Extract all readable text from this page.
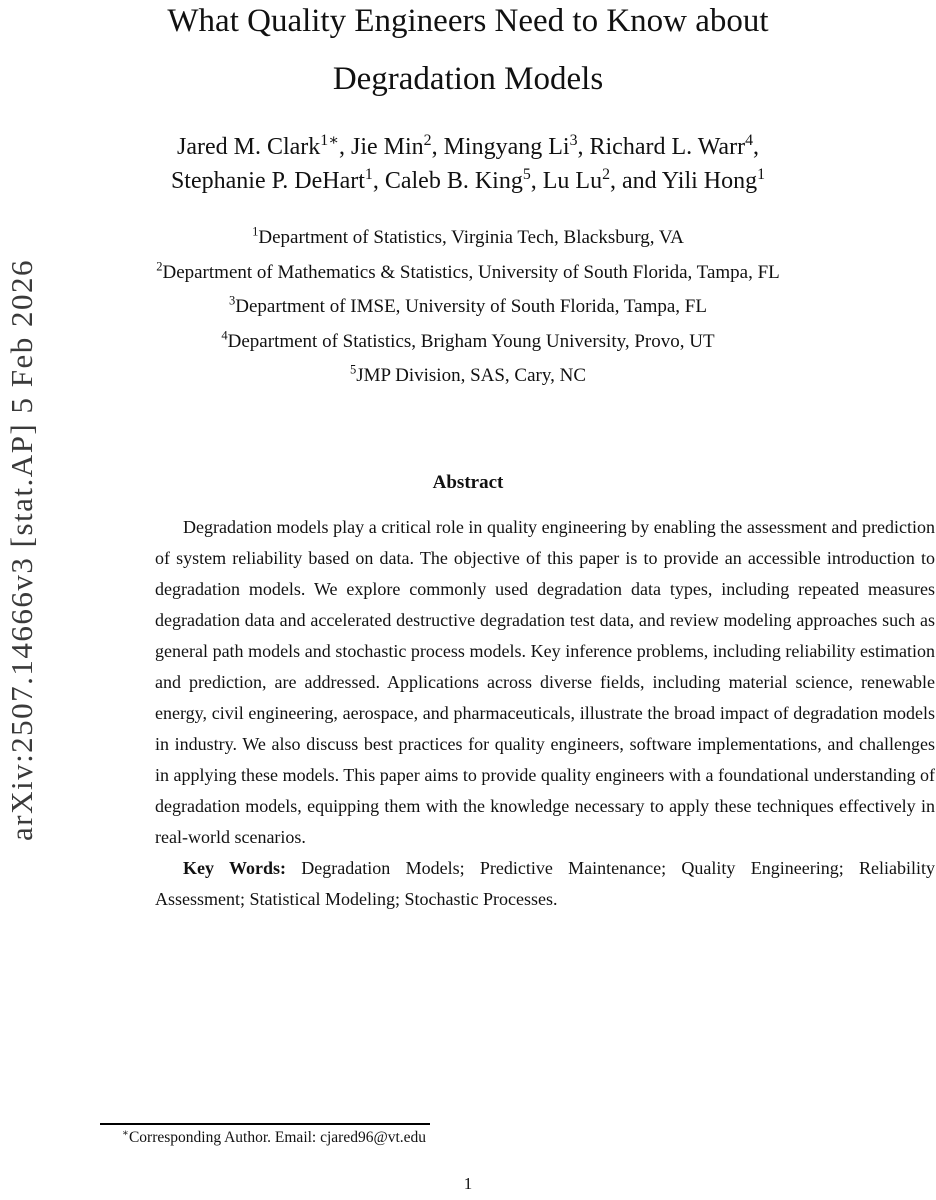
arXiv:2507.14666v3 [stat.AP] 5 Feb 2026
What Quality Engineers Need to Know about
Degradation Models
Jared M. Clark$^{1∗}$, Jie Min$^2$, Mingyang Li$^3$, Richard L. Warr$^4$,
Stephanie P. DeHart$^1$, Caleb B. King$^5$, Lu Lu$^2$, and Yili Hong$^1$
$^1$Department of Statistics, Virginia Tech, Blacksburg, VA
$^2$Department of Mathematics & Statistics, University of South Florida, Tampa, FL
$^3$Department of IMSE, University of South Florida, Tampa, FL
$^4$Department of Statistics, Brigham Young University, Provo, UT
$^5$JMP Division, SAS, Cary, NC
Abstract

Degradation models play a critical role in quality engineering by enabling the assessment and prediction of system reliability based on data. The objective of this paper is to provide an accessible introduction to degradation models. We explore commonly used degradation data types, including repeated measures degradation data and accelerated destructive degradation test data, and review modeling approaches such as general path models and stochastic process models. Key inference problems, including reliability estimation and prediction, are addressed. Applications across diverse fields, including material science, renewable energy, civil engineering, aerospace, and pharmaceuticals, illustrate the broad impact of degradation models in industry. We also discuss best practices for quality engineers, software implementations, and challenges in applying these models. This paper aims to provide quality engineers with a foundational understanding of degradation models, equipping them with the knowledge necessary to apply these techniques effectively in real-world scenarios.

Key Words: Degradation Models; Predictive Maintenance; Quality Engineering; Reliability Assessment; Statistical Modeling; Stochastic Processes.

∗Corresponding Author. Email: cjared96@vt.edu
1
